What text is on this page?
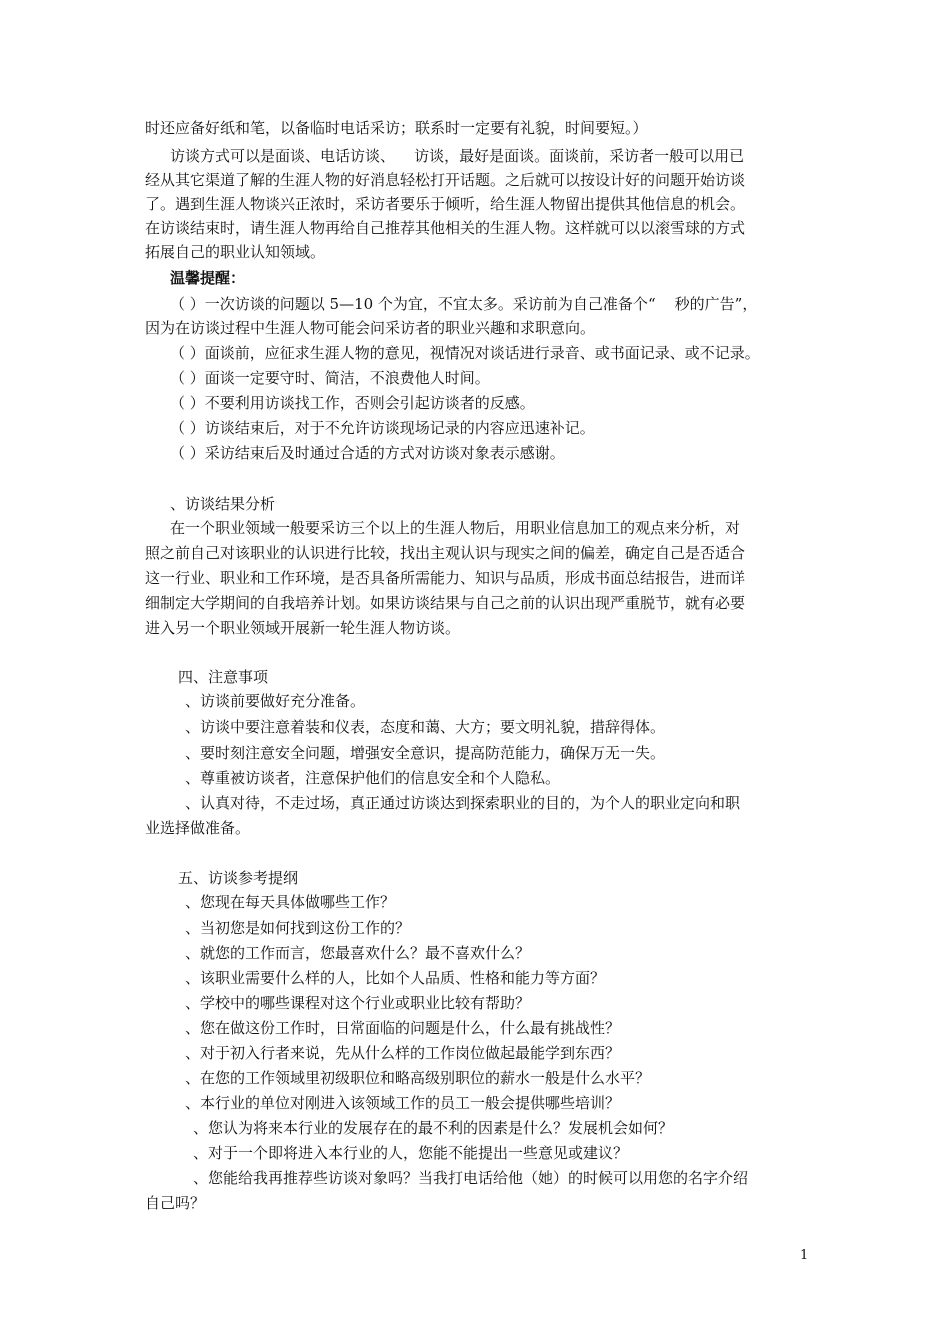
时还应备好纸和笔，以备临时电话采访；联系时一定要有礼貌，时间要短。）
访谈方式可以是面谈、电话访谈、    访谈，最好是面谈。面谈前，采访者一般可以用已
经从其它渠道了解的生涯人物的好消息轻松打开话题。之后就可以按设计好的问题开始访谈
了。遇到生涯人物谈兴正浓时，采访者要乐于倾听，给生涯人物留出提供其他信息的机会。
在访谈结束时，请生涯人物再给自己推荐其他相关的生涯人物。这样就可以以滚雪球的方式
拓展自己的职业认知领域。
温馨提醒：
（ ）一次访谈的问题以 5—10 个为宜，不宜太多。采访前为自己准备个“    秒的广告”，
因为在访谈过程中生涯人物可能会问采访者的职业兴趣和求职意向。
（ ）面谈前，应征求生涯人物的意见，视情况对谈话进行录音、或书面记录、或不记录。
（ ）面谈一定要守时、简洁，不浪费他人时间。
（ ）不要利用访谈找工作，否则会引起访谈者的反感。
（ ）访谈结束后，对于不允许访谈现场记录的内容应迅速补记。
（ ）采访结束后及时通过合适的方式对访谈对象表示感谢。
、访谈结果分析
在一个职业领域一般要采访三个以上的生涯人物后，用职业信息加工的观点来分析，对
照之前自己对该职业的认识进行比较，找出主观认识与现实之间的偏差，确定自己是否适合
这一行业、职业和工作环境，是否具备所需能力、知识与品质，形成书面总结报告，进而详
细制定大学期间的自我培养计划。如果访谈结果与自己之前的认识出现严重脱节，就有必要
进入另一个职业领域开展新一轮生涯人物访谈。
四、注意事项
、访谈前要做好充分准备。
、访谈中要注意着装和仪表，态度和蔼、大方；要文明礼貌，措辞得体。
、要时刻注意安全问题，增强安全意识，提高防范能力，确保万无一失。
、尊重被访谈者，注意保护他们的信息安全和个人隐私。
、认真对待，不走过场，真正通过访谈达到探索职业的目的，为个人的职业定向和职
业选择做准备。
五、访谈参考提纲
、您现在每天具体做哪些工作？
、当初您是如何找到这份工作的？
、就您的工作而言，您最喜欢什么？最不喜欢什么？
、该职业需要什么样的人，比如个人品质、性格和能力等方面？
、学校中的哪些课程对这个行业或职业比较有帮助？
、您在做这份工作时，日常面临的问题是什么，什么最有挑战性？
、对于初入行者来说，先从什么样的工作岗位做起最能学到东西？
、在您的工作领域里初级职位和略高级别职位的薪水一般是什么水平？
、本行业的单位对刚进入该领域工作的员工一般会提供哪些培训？
、您认为将来本行业的发展存在的最不利的因素是什么？发展机会如何？
、对于一个即将进入本行业的人，您能不能提出一些意见或建议？
、您能给我再推荐些访谈对象吗？当我打电话给他（她）的时候可以用您的名字介绍
自己吗？
1
